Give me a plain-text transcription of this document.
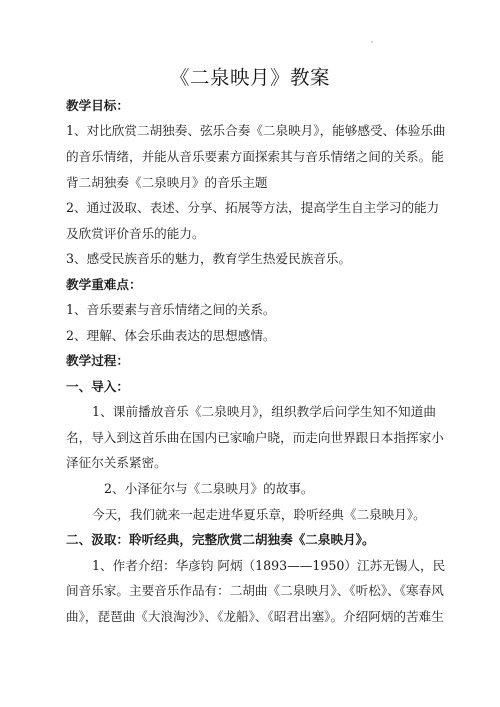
《二泉映月》教案
教学目标：
1、对比欣赏二胡独奏、弦乐合奏《二泉映月》，能够感受、体验乐曲
的音乐情绪，并能从音乐要素方面探索其与音乐情绪之间的关系。能
背二胡独奏《二泉映月》的音乐主题
2、通过汲取、表述、分享、拓展等方法，提高学生自主学习的能力
及欣赏评价音乐的能力。
3、感受民族音乐的魅力，教育学生热爱民族音乐。
教学重难点：
1、音乐要素与音乐情绪之间的关系。
2、理解、体会乐曲表达的思想感情。
教学过程：
一、导入：
1、课前播放音乐《二泉映月》，组织教学后问学生知不知道曲
名，导入到这首乐曲在国内已家喻户晓，而走向世界跟日本指挥家小
泽征尔关系紧密。
2、小泽征尔与《二泉映月》的故事。
今天，我们就来一起走进华夏乐章，聆听经典《二泉映月》。
二、汲取：聆听经典，完整欣赏二胡独奏《二泉映月》。
1、作者介绍：华彦钧 阿炳（1893——1950）江苏无锡人，民
间音乐家。主要音乐作品有：二胡曲《二泉映月》、《听松》、《寒春风
曲》，琵琶曲《大浪淘沙》、《龙船》、《昭君出塞》。介绍阿炳的苦难生
